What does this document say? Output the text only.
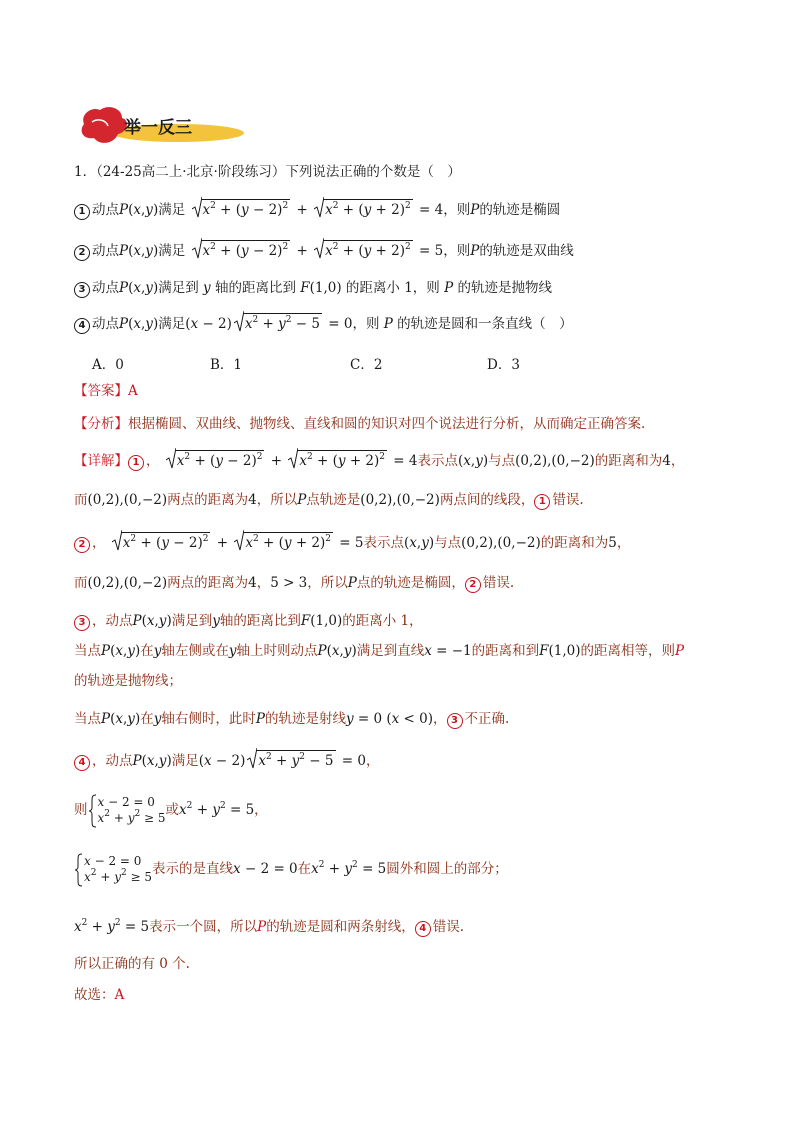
举一反三
1．（24-25高二上·北京·阶段练习）下列说法正确的个数是（　）
1 动点P(x,y)满足 $x^2 + (y - 2)^2$ +
$x^2 + (y + 2)^2 = 4$，则P的轨迹是椭圆
2 动点P(x,y)满足 $x^2 + (y - 2)^2$ +
$x^2 + (y + 2)^2 = 5$，则P的轨迹是双曲线
3 动点P(x,y)满足到 y 轴的距离比到 F(1,0) 的距离小 1，则 P 的轨迹是抛物线
4 动点P(x,y)满足(x − 2) $x^2 + y^2 - 5 = 0$，则 P 的轨迹是圆和一条直线（　）
A．0	B．1	C．2	D．3
【答案】A
【分析】根据椭圆、双曲线、抛物线、直线和圆的知识对四个说法进行分析，从而确定正确答案.
【详解】 1 ，
$x^2 + (y - 2)^2$ +
$x^2 + (y + 2)^2 = 4$表示点(x,y)与点(0,2),(0,−2)的距离和为4，
而(0,2),(0,−2)两点的距离为4，所以P点轨迹是(0,2),(0,−2)两点间的线段， 1 错误.
2 ，
$x^2 + (y - 2)^2$ +
$x^2 + (y + 2)^2 = 5$表示点(x,y)与点(0,2),(0,−2)的距离和为5，
而(0,2),(0,−2)两点的距离为4，5 > 3，所以P点的轨迹是椭圆， 2 错误.
3 ，动点P(x,y)满足到y轴的距离比到F(1,0)的距离小 1，
当点P(x,y)在y轴左侧或在y轴上时则动点P(x,y)满足到直线x = −1的距离和到F(1,0)的距离相等，则P
的轨迹是抛物线；
当点P(x,y)在y轴右侧时，此时P的轨迹是射线y = 0 (x < 0)， 3 不正确.
4 ，动点P(x,y)满足(x − 2) $x^2 + y^2 - 5 = 0$，
则 x − 2 = 0
$x^2 + y^2 \ge 5$或$x^2 + y^2 = 5$，
x − 2 = 0
$x^2 + y^2 \ge 5$表示的是直线x − 2 = 0在$x^2 + y^2 = 5$圆外和圆上的部分；
$x^2 + y^2 = 5$表示一个圆，所以P的轨迹是圆和两条射线， 4 错误.
所以正确的有 0 个.
故选：A
